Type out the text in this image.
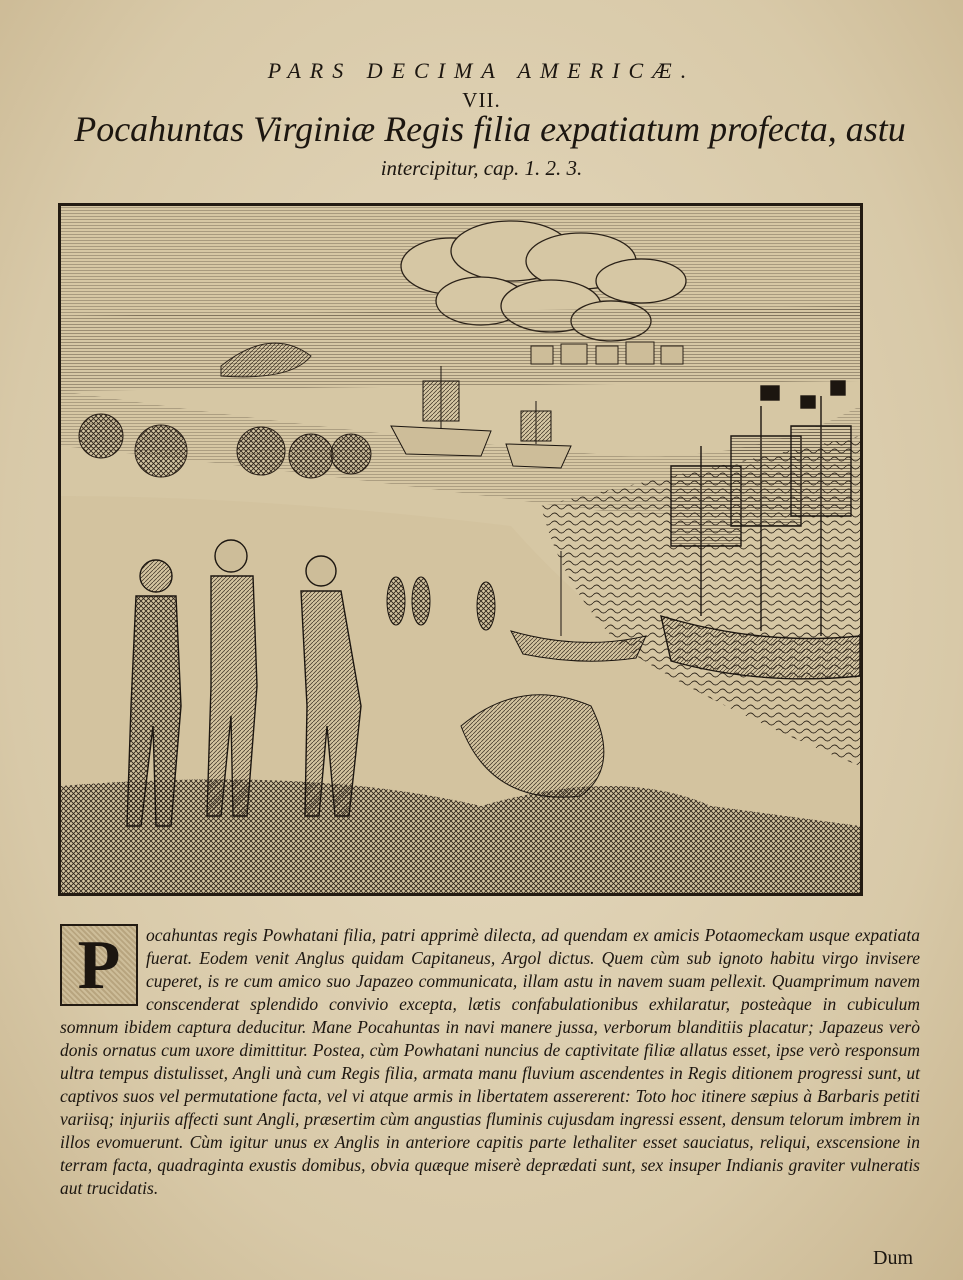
PARS DECIMA AMERICÆ.
VII.
Pocahuntas Virginiæ Regis filia expatiatum profecta, astu
intercipitur, cap. 1. 2. 3.
P	ocahuntas regis Powhatani filia, patri apprimè dilecta, ad quendam ex amicis Potaomeckam usque expatiata fuerat. Eodem venit Anglus quidam Capitaneus, Argol dictus. Quem cùm sub ignoto habitu virgo invisere cuperet, is re cum amico suo Japazeo communicata, illam astu in navem suam pellexit. Quamprimum navem conscenderat splendido convivio excepta, lætis confabulationibus exhilaratur, posteàque in cubiculum somnum ibidem captura deducitur. Mane Pocahuntas in navi manere jussa, verborum blanditiis placatur; Japazeus verò donis ornatus cum uxore dimittitur. Postea, cùm Powhatani nuncius de captivitate filiæ allatus esset, ipse verò responsum ultra tempus distulisset, Angli unà cum Regis filia, armata manu fluvium ascendentes in Regis ditionem progressi sunt, ut captivos suos vel permutatione facta, vel vi atque armis in libertatem assererent: Toto hoc itinere sæpius à Barbaris petiti variisq; injuriis affecti sunt Angli, præsertim cùm angustias fluminis cujusdam ingressi essent, densum telorum imbrem in illos evomuerunt. Cùm igitur unus ex Anglis in anteriore capitis parte lethaliter esset sauciatus, reliqui, exscensione in terram facta, quadraginta exustis domibus, obvia quæque miserè deprædati sunt, sex insuper Indianis graviter vulneratis aut trucidatis.

Dum
